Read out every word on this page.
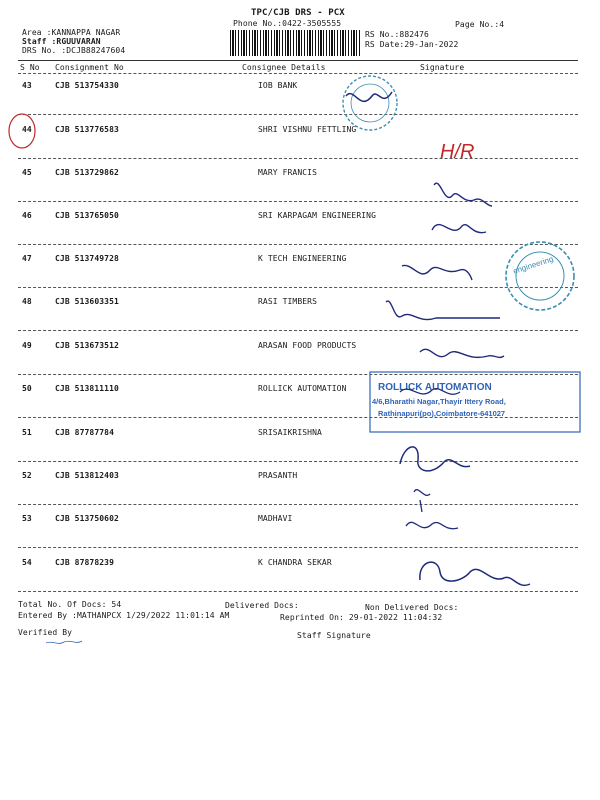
TPC/CJB DRS - PCX
Phone No.:0422-3505555	Page No.:4
Area :KANNAPPA NAGAR
Staff :RGUUVARAN
DRS No. :DCJB88247604
RS No.:882476
RS Date:29-Jan-2022
S No Consignment No	Consignee Details	Signature
43	CJB 513754330	IOB BANK
44	CJB 513776583	SHRI VISHNU FETTLING
45	CJB 513729862	MARY FRANCIS
46	CJB 513765050	SRI KARPAGAM ENGINEERING
47	CJB 513749728	K TECH ENGINEERING
48	CJB 513603351	RASI TIMBERS
49	CJB 513673512	ARASAN FOOD PRODUCTS
50	CJB 513811110	ROLLICK AUTOMATION
51	CJB 87787784	SRISAIKRISHNA
52	CJB 513812403	PRASANTH
53	CJB 513750602	MADHAVI
54	CJB 87878239	K CHANDRA SEKAR
Total No. Of Docs: 54	Delivered Docs:	Non Delivered Docs:
Entered By :MATHANPCX 1/29/2022 11:01:14 AM	Reprinted On: 29-01-2022 11:04:32
Verified By	Staff Signature
H/R
engineering
ROLLICK AUTOMATION
4/6,Bharathi Nagar,Thayir Ittery Road,
Rathinapuri(po),Coimbatore-641027
